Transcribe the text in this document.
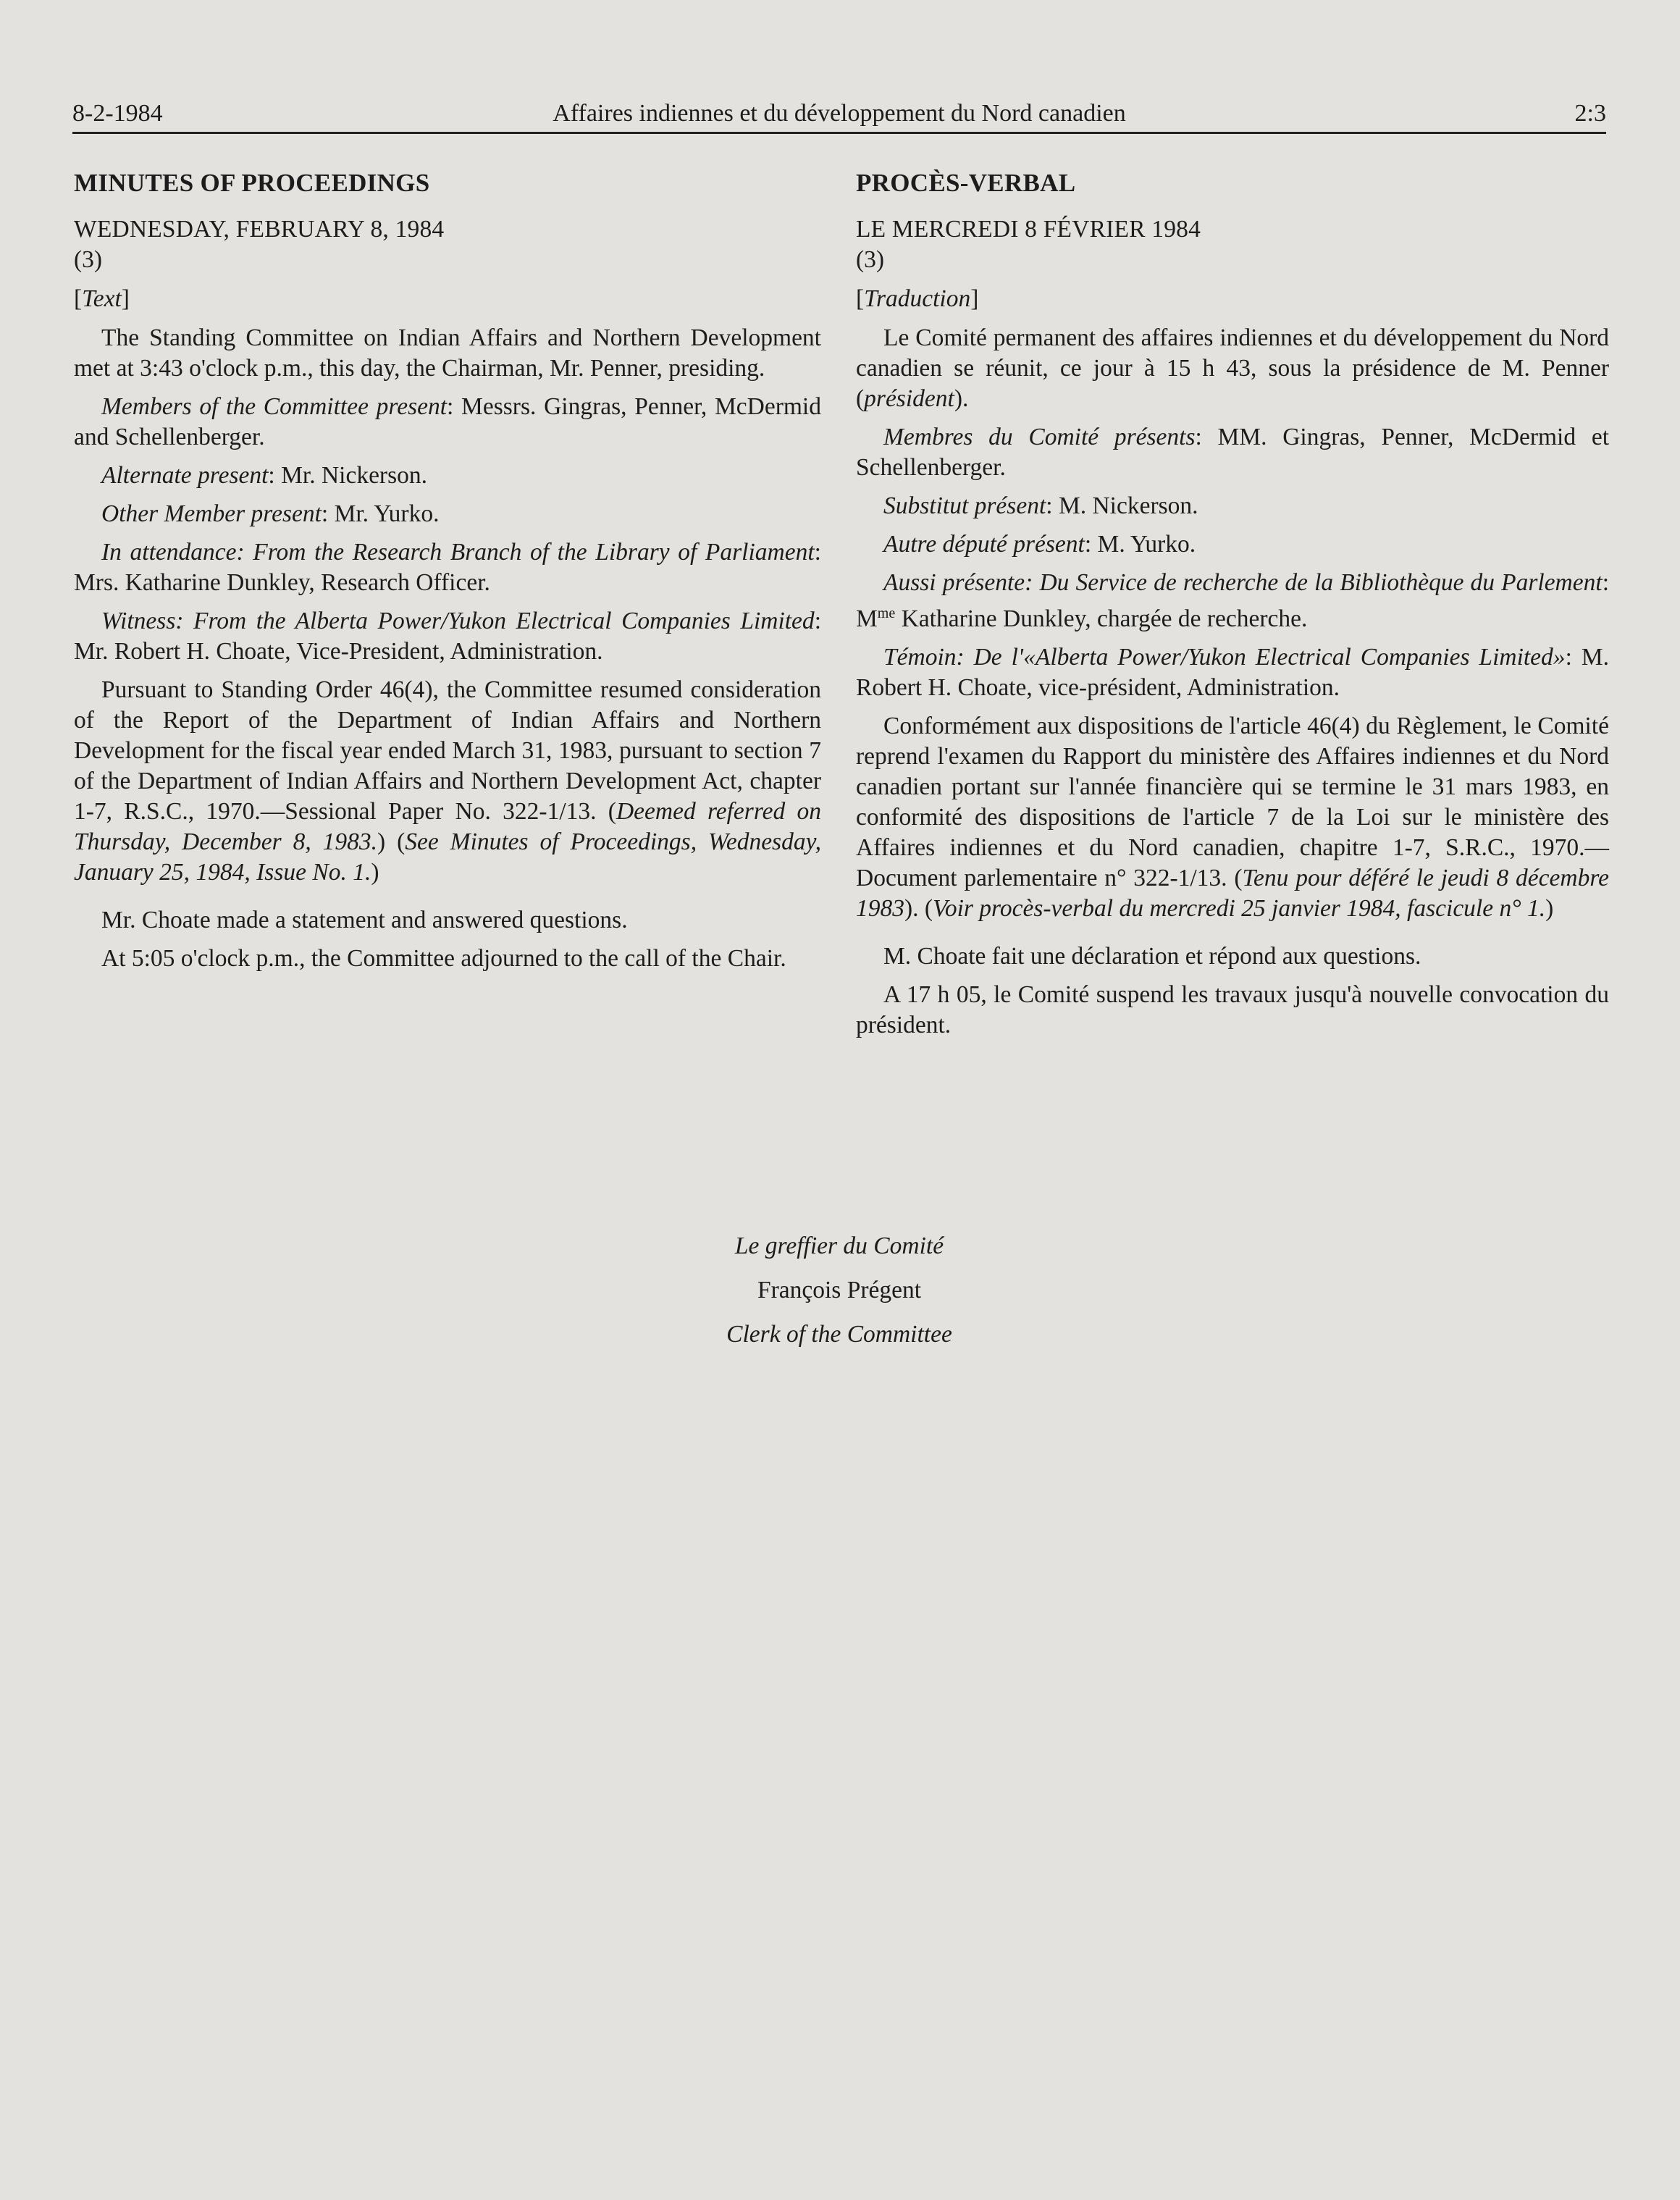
8-2-1984	Affaires indiennes et du développement du Nord canadien	2:3

MINUTES OF PROCEEDINGS

WEDNESDAY, FEBRUARY 8, 1984

(3)

[Text]

The Standing Committee on Indian Affairs and Northern Development met at 3:43 o'clock p.m., this day, the Chairman, Mr. Penner, presiding.

Members of the Committee present: Messrs. Gingras, Penner, McDermid and Schellenberger.

Alternate present: Mr. Nickerson.

Other Member present: Mr. Yurko.

In attendance: From the Research Branch of the Library of Parliament: Mrs. Katharine Dunkley, Research Officer.

Witness: From the Alberta Power/Yukon Electrical Companies Limited: Mr. Robert H. Choate, Vice-President, Administration.

Pursuant to Standing Order 46(4), the Committee resumed consideration of the Report of the Department of Indian Affairs and Northern Development for the fiscal year ended March 31, 1983, pursuant to section 7 of the Department of Indian Affairs and Northern Development Act, chapter 1-7, R.S.C., 1970.—Sessional Paper No. 322-1/13. (Deemed referred on Thursday, December 8, 1983.) (See Minutes of Proceedings, Wednesday, January 25, 1984, Issue No. 1.)

Mr. Choate made a statement and answered questions.

At 5:05 o'clock p.m., the Committee adjourned to the call of the Chair.

PROCÈS-VERBAL

LE MERCREDI 8 FÉVRIER 1984

(3)

[Traduction]

Le Comité permanent des affaires indiennes et du développement du Nord canadien se réunit, ce jour à 15 h 43, sous la présidence de M. Penner (président).

Membres du Comité présents: MM. Gingras, Penner, McDermid et Schellenberger.

Substitut présent: M. Nickerson.

Autre député présent: M. Yurko.

Aussi présente: Du Service de recherche de la Bibliothèque du Parlement: $M^{me}$ Katharine Dunkley, chargée de recherche.

Témoin: De l'«Alberta Power/Yukon Electrical Companies Limited»: M. Robert H. Choate, vice-président, Administration.

Conformément aux dispositions de l'article 46(4) du Règlement, le Comité reprend l'examen du Rapport du ministère des Affaires indiennes et du Nord canadien portant sur l'année financière qui se termine le 31 mars 1983, en conformité des dispositions de l'article 7 de la Loi sur le ministère des Affaires indiennes et du Nord canadien, chapitre 1-7, S.R.C., 1970.—Document parlementaire n° 322-1/13. (Tenu pour déféré le jeudi 8 décembre 1983). (Voir procès-verbal du mercredi 25 janvier 1984, fascicule n° 1.)

M. Choate fait une déclaration et répond aux questions.

A 17 h 05, le Comité suspend les travaux jusqu'à nouvelle convocation du président.

Le greffier du Comité

François Prégent

Clerk of the Committee
